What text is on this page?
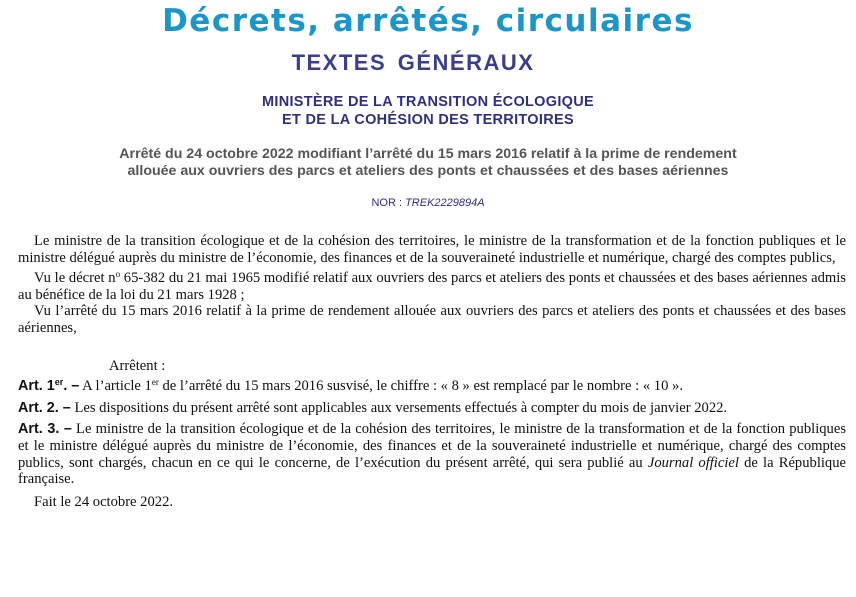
Décrets, arrêtés, circulaires
TEXTES GÉNÉRAUX
MINISTÈRE DE LA TRANSITION ÉCOLOGIQUE
ET DE LA COHÉSION DES TERRITOIRES
Arrêté du 24 octobre 2022 modifiant l’arrêté du 15 mars 2016 relatif à la prime de rendement
allouée aux ouvriers des parcs et ateliers des ponts et chaussées et des bases aériennes
NOR : TREK2229894A

Le ministre de la transition écologique et de la cohésion des territoires, le ministre de la transformation et de la fonction publiques et le ministre délégué auprès du ministre de l’économie, des finances et de la souveraineté industrielle et numérique, chargé des comptes publics,

Vu le décret $n^o$ 65-382 du 21 mai 1965 modifié relatif aux ouvriers des parcs et ateliers des ponts et chaussées et des bases aériennes admis au bénéfice de la loi du 21 mars 1928 ;

Vu l’arrêté du 15 mars 2016 relatif à la prime de rendement allouée aux ouvriers des parcs et ateliers des ponts et chaussées et des bases aériennes,

Arrêtent :

Art. 1er. – A l’article 1er de l’arrêté du 15 mars 2016 susvisé, le chiffre : « 8 » est remplacé par le nombre : « 10 ».

Art. 2. – Les dispositions du présent arrêté sont applicables aux versements effectués à compter du mois de janvier 2022.

Art. 3. – Le ministre de la transition écologique et de la cohésion des territoires, le ministre de la transformation et de la fonction publiques et le ministre délégué auprès du ministre de l’économie, des finances et de la souveraineté industrielle et numérique, chargé des comptes publics, sont chargés, chacun en ce qui le concerne, de l’exécution du présent arrêté, qui sera publié au Journal officiel de la République française.

Fait le 24 octobre 2022.
